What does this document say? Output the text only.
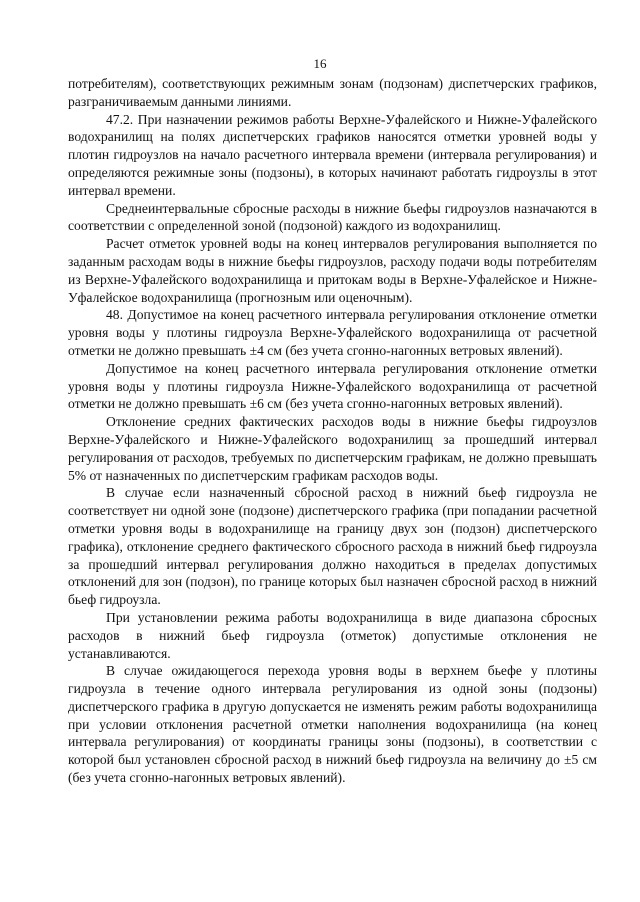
16

потребителям), соответствующих режимным зонам (подзонам) диспетчерских графиков, разграничиваемым данными линиями.

47.2. При назначении режимов работы Верхне-Уфалейского и Нижне-Уфалейского водохранилищ на полях диспетчерских графиков наносятся отметки уровней воды у плотин гидроузлов на начало расчетного интервала времени (интервала регулирования) и определяются режимные зоны (подзоны), в которых начинают работать гидроузлы в этот интервал времени.

Среднеинтервальные сбросные расходы в нижние бьефы гидроузлов назначаются в соответствии с определенной зоной (подзоной) каждого из водохранилищ.

Расчет отметок уровней воды на конец интервалов регулирования выполняется по заданным расходам воды в нижние бьефы гидроузлов, расходу подачи воды потребителям из Верхне-Уфалейского водохранилища и притокам воды в Верхне-Уфалейское и Нижне-Уфалейское водохранилища (прогнозным или оценочным).

48. Допустимое на конец расчетного интервала регулирования отклонение отметки уровня воды у плотины гидроузла Верхне-Уфалейского водохранилища от расчетной отметки не должно превышать ±4 см (без учета сгонно-нагонных ветровых явлений).

Допустимое на конец расчетного интервала регулирования отклонение отметки уровня воды у плотины гидроузла Нижне-Уфалейского водохранилища от расчетной отметки не должно превышать ±6 см (без учета сгонно-нагонных ветровых явлений).

Отклонение средних фактических расходов воды в нижние бьефы гидроузлов Верхне-Уфалейского и Нижне-Уфалейского водохранилищ за прошедший интервал регулирования от расходов, требуемых по диспетчерским графикам, не должно превышать 5% от назначенных по диспетчерским графикам расходов воды.

В случае если назначенный сбросной расход в нижний бьеф гидроузла не соответствует ни одной зоне (подзоне) диспетчерского графика (при попадании расчетной отметки уровня воды в водохранилище на границу двух зон (подзон) диспетчерского графика), отклонение среднего фактического сбросного расхода в нижний бьеф гидроузла за прошедший интервал регулирования должно находиться в пределах допустимых отклонений для зон (подзон), по границе которых был назначен сбросной расход в нижний бьеф гидроузла.

При установлении режима работы водохранилища в виде диапазона сбросных расходов в нижний бьеф гидроузла (отметок) допустимые отклонения не устанавливаются.

В случае ожидающегося перехода уровня воды в верхнем бьефе у плотины гидроузла в течение одного интервала регулирования из одной зоны (подзоны) диспетчерского графика в другую допускается не изменять режим работы водохранилища при условии отклонения расчетной отметки наполнения водохранилища (на конец интервала регулирования) от координаты границы зоны (подзоны), в соответствии с которой был установлен сбросной расход в нижний бьеф гидроузла на величину до ±5 см (без учета сгонно-нагонных ветровых явлений).
